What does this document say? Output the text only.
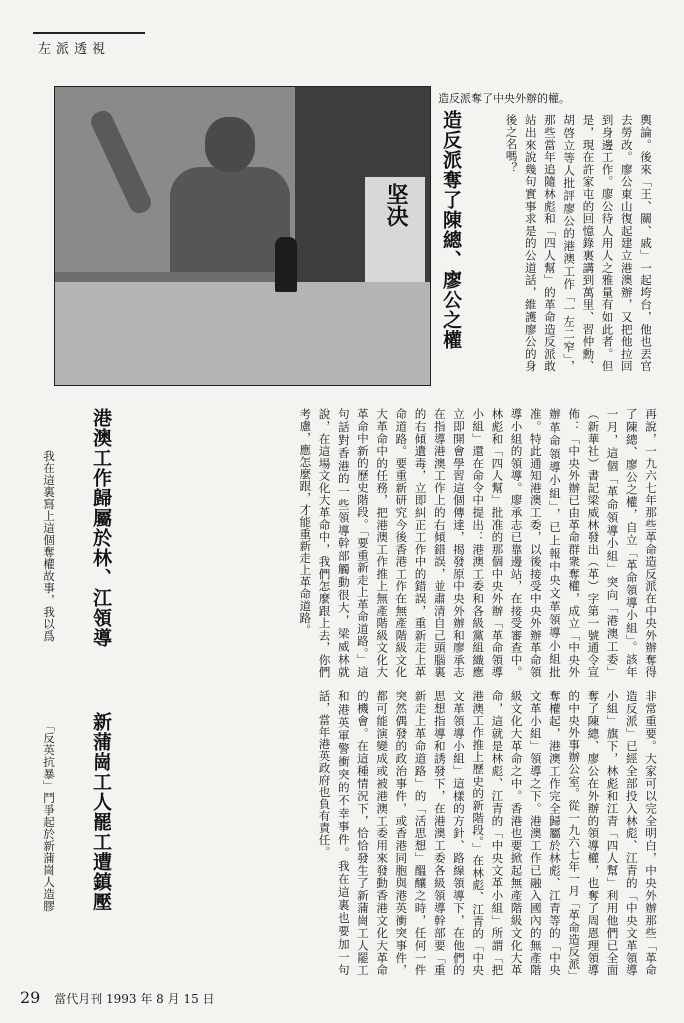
左派透視
坚决
造反派奪了中央外辦的權。
造反派奪了陳總、廖公之權	輿論。後來「王、關、戚」一起垮台，他也丟官去勞改。廖公東山復起建立港澳辦，又把他拉回到身邊工作。廖公待人用人之雅量有如此者。但是，現在許家屯的回憶錄裏講到萬里、習仲勳、胡啓立等人批評廖公的港澳工作「一左二窄」，那些當年追隨林彪和「四人幫」的革命造反派敢站出來說幾句實事求是的公道話，維護廖公的身後之名嗎？
非常重要。大家可以完全明白，中央外辦那些「革命造反派」已經全部投入林彪、江青的「中央文革領導小組」旗下，林彪和江青「四人幫」利用他們已全面奪了陳總、廖公在外辦的領導權，也奪了周恩理領導的中央外事辦公室。從一九六七年一月「革命造反派」奪權起，港澳工作完全歸屬於林彪、江青等的「中央文革小組」領導之下。港澳工作已融入國內的無產階級文化大革命之中。香港也要掀起無產階級文化大革命，這就是林彪、江青的「中央文革小組」所謂「把港澳工作推上歷史的新階段。」在林彪、江青的「中央文革領導小組」這樣的方針、路線領導下，在他們的思想指導和誘發下，在港澳工委各級領導幹部要「重新走上革命道路」的「活思想」醞釀之時，任何一件突然偶發的政治事件，或香港同胞與港英衝突事件，都可能演變成或被港澳工委用來發動香港文化大革命的機會。在這種情況下，恰恰發生了新蒲崗工人罷工和港英軍警衝突的不幸事件。我在這裏也要加一句話，當年港英政府也負有責任。
新蒲崗工人罷工遭鎮壓
再說，一九六七年那些革命造反派在中央外辦奪得了陳總、廖公之權，自立「革命領導小組」。該年一月，這個「革命領導小組」突向「港澳工委」（新華社）書記梁威林發出（革）字第一號通令宣佈：「中央外辦已由革命群衆奪權，成立「中央外辦革命領導小組」，已上報中央文革領導小組批准。特此通知港澳工委，以後接受中央外辦革命領導小組的領導。廖承志已靠邊站，在接受審查中。林彪和「四人幫」批准的那個中央外辦「革命領導小組」還在命令中提出：港澳工委和各級黨組織應立即開會學習這個傳達，揭發原中央外辦和廖承志在指導港澳工作上的右傾錯誤，並肅清自己頭腦裏的右傾遺毒，立即糾正工作中的錯誤，重新走上革命道路。要重新研究今後香港工作在無產階級文化大革命中的任務，把港澳工作推上無產階級文化大革命中新的歷史階段。「要重新走上革命道路。」這句話對香港的一些領導幹部觸動很大，梁威林就說，在這場文化大革命中，我們怎麼跟上去，你們考慮，應怎麼跟，才能重新走上革命道路。
港澳工作歸屬於林、江領導
我在這裏寫上這個奪權故事，我以爲
「反英抗暴」鬥爭起於新蒲崗人造膠
29 當代月刊 1993 年 8 月 15 日
